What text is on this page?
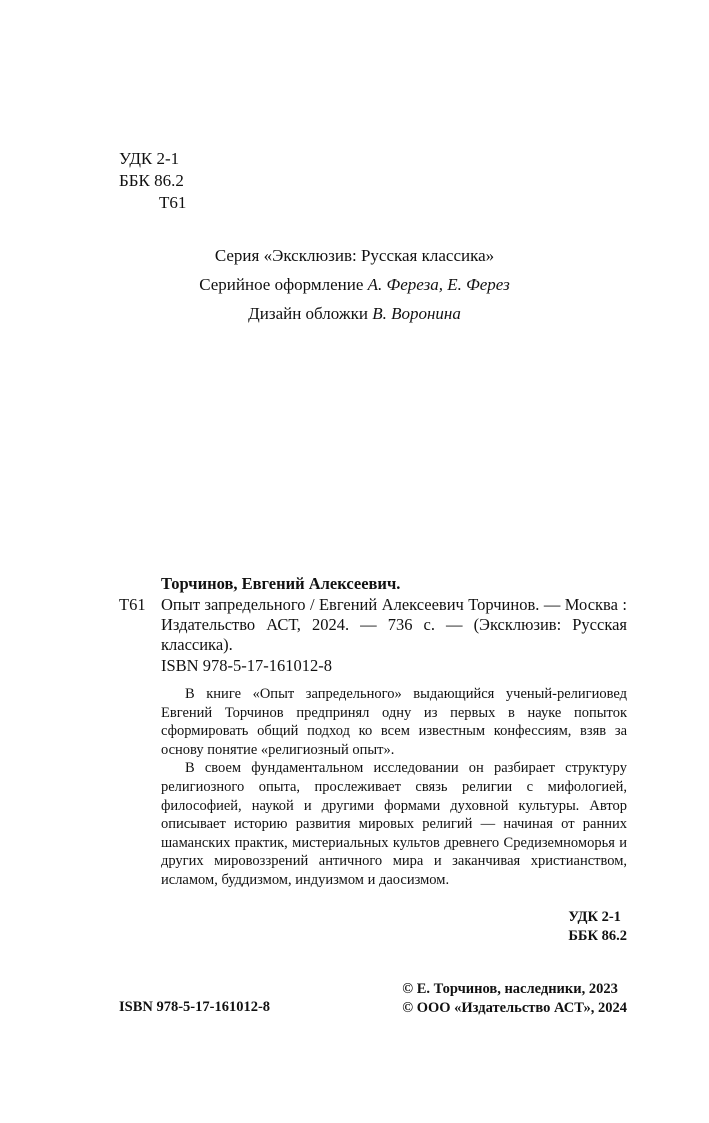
УДК 2-1
ББК 86.2
Т61
Серия «Эксклюзив: Русская классика»
Серийное оформление А. Фереза, Е. Ферез
Дизайн обложки В. Воронина
Торчинов, Евгений Алексеевич.
Т61 Опыт запредельного / Евгений Алексеевич Торчинов. — Москва : Издательство АСТ, 2024. — 736 с. — (Эксклюзив: Русская классика).
ISBN 978-5-17-161012-8

В книге «Опыт запредельного» выдающийся ученый-религиовед Евгений Торчинов предпринял одну из первых в науке попыток сформировать общий подход ко всем известным конфессиям, взяв за основу понятие «религиозный опыт».

В своем фундаментальном исследовании он разбирает структуру религиозного опыта, прослеживает связь религии с мифологией, философией, наукой и другими формами духовной культуры. Автор описывает историю развития мировых религий — начиная от ранних шаманских практик, мистериальных культов древнего Средиземноморья и других мировоззрений античного мира и заканчивая христианством, исламом, буддизмом, индуизмом и даосизмом.

УДК 2-1
ББК 86.2
© Е. Торчинов, наследники, 2023
© ООО «Издательство АСТ», 2024
ISBN 978-5-17-161012-8
